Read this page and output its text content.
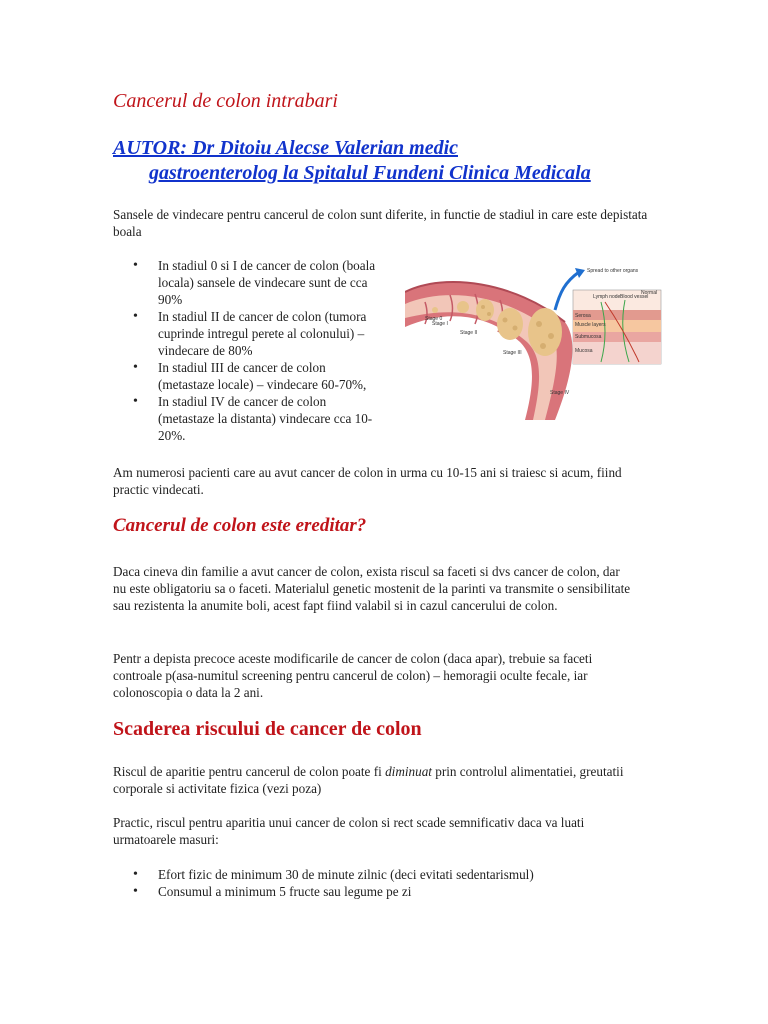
Cancerul de colon intrabari
AUTOR: Dr Ditoiu Alecse Valerian medic
gastroenterolog la Spitalul Fundeni Clinica Medicala

Sansele de vindecare pentru cancerul de colon sunt diferite, in functie de stadiul in care este depistata boala

• In stadiul 0 si I de cancer de colon (boala
locala) sansele de vindecare sunt de cca
90%
• In stadiul II de cancer de colon (tumora
cuprinde intregul perete al colonului) –
vindecare de 80%
• In stadiul III de cancer de colon
(metastaze locale) – vindecare 60-70%,
• In stadiul IV de cancer de colon
(metastaze la distanta) vindecare cca 10-
20%.
Stage 0
Stage I
Stage II
Stage III
Stage IV
Lymph node Blood vessel
Normal
Serosa
Muscle layers
Submucosa
Mucosa
Spread to other organs

Am numerosi pacienti care au avut cancer de colon in urma cu 10-15 ani si traiesc si acum, fiind practic vindecati.

Cancerul de colon este ereditar?

Daca cineva din familie a avut cancer de colon, exista riscul sa faceti si dvs cancer de colon, dar nu este obligatoriu sa o faceti. Materialul genetic mostenit de la parinti va transmite o sensibilitate sau rezistenta la anumite boli, acest fapt fiind valabil si in cazul cancerului de colon.

Pentr a depista precoce aceste modificarile de cancer de colon (daca apar), trebuie sa faceti controale p(asa-numitul screening pentru cancerul de colon) – hemoragii oculte fecale, iar colonoscopia o data la 2 ani.

Scaderea riscului de cancer de colon

Riscul de aparitie pentru cancerul de colon poate fi diminuat prin controlul alimentatiei, greutatii corporale si activitate fizica (vezi poza)

Practic, riscul pentru aparitia unui cancer de colon si rect scade semnificativ daca va luati urmatoarele masuri:

• Efort fizic de minimum 30 de minute zilnic (deci evitati sedentarismul)
• Consumul a minimum 5 fructe sau legume pe zi
